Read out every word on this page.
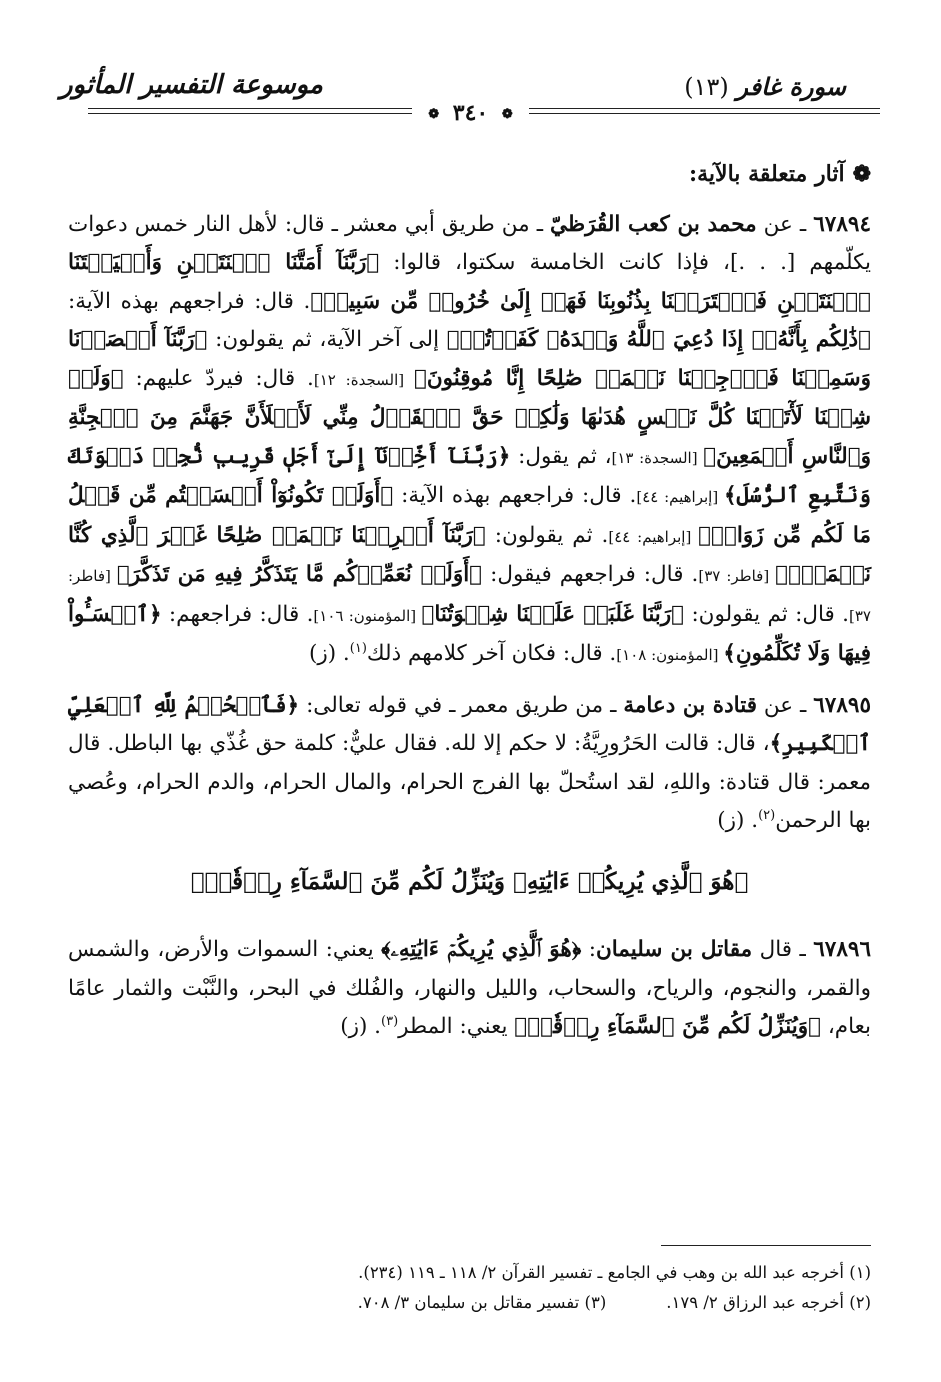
سورة غافر (١٣)
موسوعة التفسير المأثور
❁ ٣٤٠ ❁
❁آثار متعلقة بالآية:

٦٧٨٩٤ ـ عن محمد بن كعب القُرَظيّ ـ من طريق أبي معشر ـ قال: لأهل النار خمس دعوات يكلّمهم [. . .]، فإذا كانت الخامسة سكتوا، قالوا: ﴿رَبَّنَآ أَمَتَّنَا ٱثۡنَتَيۡنِ وَأَحۡيَيۡتَنَا ٱثۡنَتَيۡنِ فَٱعۡتَرَفۡنَا بِذُنُوبِنَا فَهَلۡ إِلَىٰ خُرُوجٖ مِّن سَبِيلٖ﴾. قال: فراجعهم بهذه الآية: ﴿ذَٰلِكُم بِأَنَّهُۥٓ إِذَا دُعِيَ ٱللَّهُ وَحۡدَهُۥ كَفَرۡتُمۡ﴾ إلى آخر الآية، ثم يقولون: ﴿رَبَّنَآ أَبۡصَرۡنَا وَسَمِعۡنَا فَٱرۡجِعۡنَا نَعۡمَلۡ صَٰلِحًا إِنَّا مُوقِنُونَ﴾ [السجدة: ١٢]. قال: فيردّ عليهم: ﴿وَلَوۡ شِئۡنَا لَأٓتَيۡنَا كُلَّ نَفۡسٍ هُدَىٰهَا وَلَٰكِنۡ حَقَّ ٱلۡقَوۡلُ مِنِّي لَأَمۡلَأَنَّ جَهَنَّمَ مِنَ ٱلۡجِنَّةِ وَٱلنَّاسِ أَجۡمَعِينَ﴾ [السجدة: ١٣]، ثم يقول: ﴿رَبَّنَآ أَخِّرۡنَآ إِلَىٰٓ أَجَلٖ قَرِيبٖ نُّجِبۡ دَعۡوَتَكَ وَنَتَّبِعِ ٱلرُّسُلَ﴾ [إبراهيم: ٤٤]. قال: فراجعهم بهذه الآية: ﴿أَوَلَمۡ تَكُونُوٓاْ أَقۡسَمۡتُم مِّن قَبۡلُ مَا لَكُم مِّن زَوَالٖ﴾ [إبراهيم: ٤٤]. ثم يقولون: ﴿رَبَّنَآ أَخۡرِجۡنَا نَعۡمَلۡ صَٰلِحًا غَيۡرَ ٱلَّذِي كُنَّا نَعۡمَلُۚ﴾ [فاطر: ٣٧]. قال: فراجعهم فيقول: ﴿أَوَلَمۡ نُعَمِّرۡكُم مَّا يَتَذَكَّرُ فِيهِ مَن تَذَكَّرَ﴾ [فاطر: ٣٧]. قال: ثم يقولون: ﴿رَبَّنَا غَلَبَتۡ عَلَيۡنَا شِقۡوَتُنَا﴾ [المؤمنون: ١٠٦]. قال: فراجعهم: ﴿ٱخۡسَـُٔواْ فِيهَا وَلَا تُكَلِّمُونِ﴾ [المؤمنون: ١٠٨]. قال: فكان آخر كلامهم ذلك$^{(١)}$. (ز)

٦٧٨٩٥ ـ عن قتادة بن دعامة ـ من طريق معمر ـ في قوله تعالى: ﴿فَٱلۡحُكۡمُ لِلَّهِ ٱلۡعَلِيِّ ٱلۡكَبِيرِ﴾، قال: قالت الحَرُورِيَّةُ: لا حكم إلا لله. فقال عليٌّ: كلمة حق غُذّي بها الباطل. قال معمر: قال قتادة: واللهِ، لقد استُحلّ بها الفرج الحرام، والمال الحرام، والدم الحرام، وعُصي بها الرحمن$^{(٢)}$. (ز)

﴿هُوَ ٱلَّذِي يُرِيكُمۡ ءَايَٰتِهِۦ وَيُنَزِّلُ لَكُم مِّنَ ٱلسَّمَآءِ رِزۡقٗاۚ﴾

٦٧٨٩٦ ـ قال مقاتل بن سليمان: ﴿هُوَ ٱلَّذِي يُرِيكُمۡ ءَايَٰتِهِۦ﴾ يعني: السموات والأرض، والشمس والقمر، والنجوم، والرياح، والسحاب، والليل والنهار، والفُلك في البحر، والنَّبْت والثمار عامًا بعام، ﴿وَيُنَزِّلُ لَكُم مِّنَ ٱلسَّمَآءِ رِزۡقٗاۚ﴾ يعني: المطر$^{(٣)}$. (ز)

(١) أخرجه عبد الله بن وهب في الجامع ـ تفسير القرآن ٢/ ١١٨ ـ ١١٩ (٢٣٤).
(٢) أخرجه عبد الرزاق ٢/ ١٧٩.
(٣) تفسير مقاتل بن سليمان ٣/ ٧٠٨.
